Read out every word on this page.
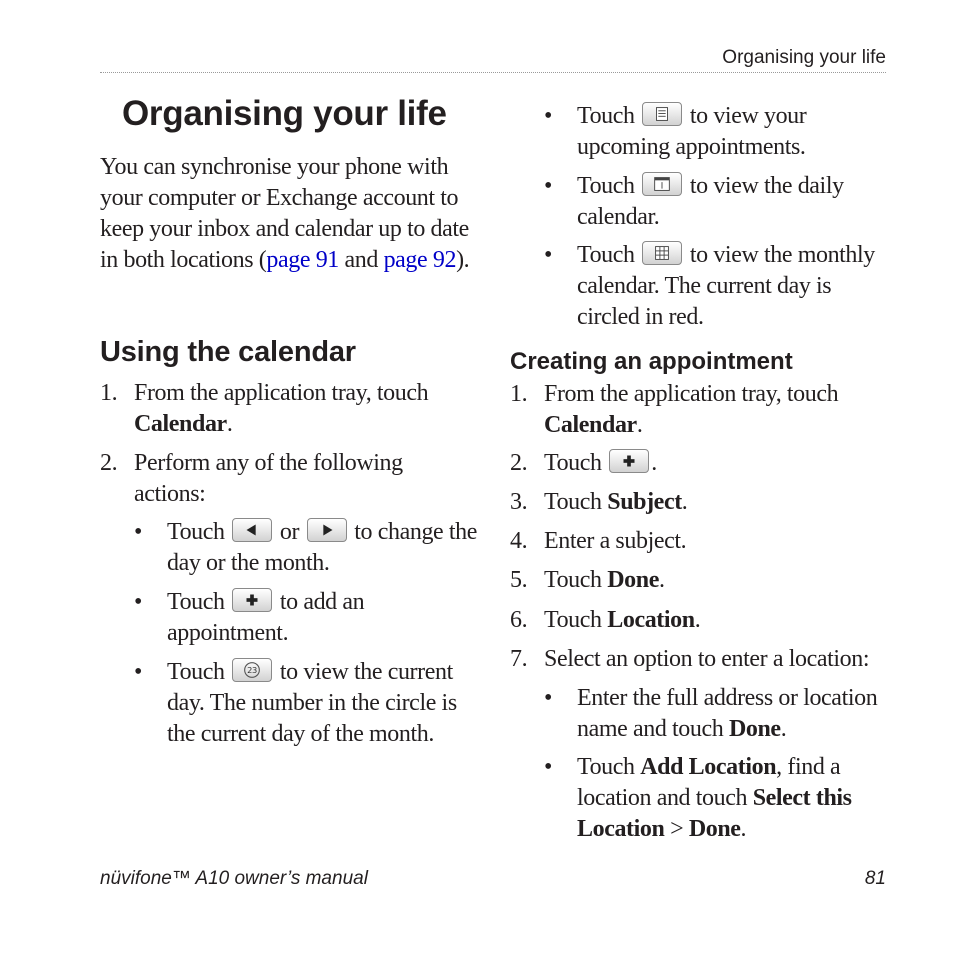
Organising your life
Organising your life

You can synchronise your phone with your computer or Exchange account to keep your inbox and calendar up to date in both locations (page 91 and page 92).

Using the calendar
1. From the application tray, touch Calendar.
2. Perform any of the following actions:
• Touch or to change the day or the month.
• Touch to add an appointment.
• Touch	23 to view the current day. The number in the circle is the current day of the month.
• Touch to view your upcoming appointments.
• Touch to view the daily calendar.
• Touch to view the monthly calendar. The current day is circled in red.
Creating an appointment
1. From the application tray, touch Calendar.
2. Touch
.
3. Touch Subject.
4. Enter a subject.
5. Touch Done.
6. Touch Location.
7. Select an option to enter a location:
• Enter the full address or location name and touch Done.
• Touch Add Location, find a location and touch Select this Location > Done.
nüvifone™ A10 owner’s manual	81
